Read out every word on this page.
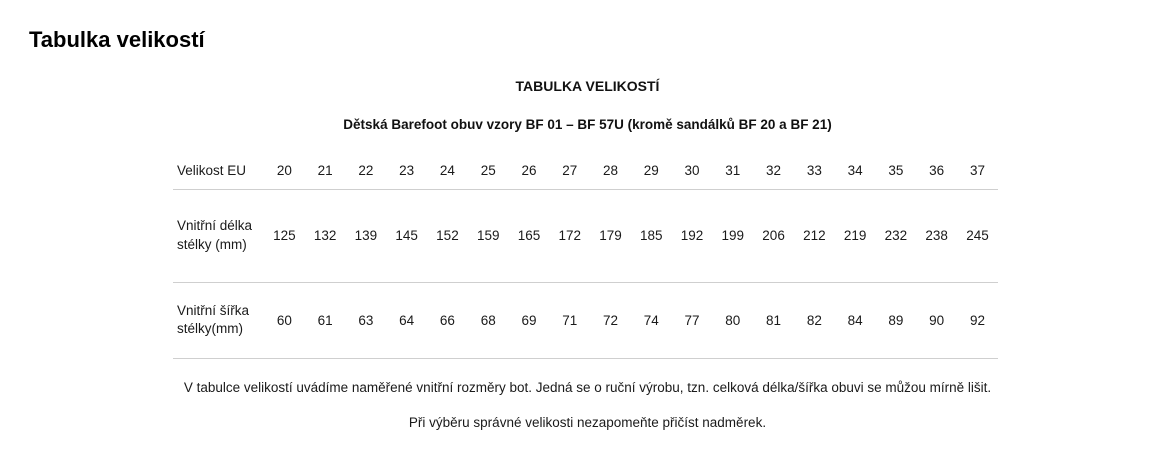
Tabulka velikostí

TABULKA VELIKOSTÍ

Dětská Barefoot obuv vzory BF 01 – BF 57U (kromě sandálků BF 20 a BF 21)

Velikost EU	20	21	22	23	24	25	26	27	28	29	30	31	32	33	34	35	36	37
Vnitřní délka stélky (mm)	125	132	139	145	152	159	165	172	179	185	192	199	206	212	219	232	238	245
Vnitřní šířka stélky(mm)	60	61	63	64	66	68	69	71	72	74	77	80	81	82	84	89	90	92

V tabulce velikostí uvádíme naměřené vnitřní rozměry bot. Jedná se o ruční výrobu, tzn. celková délka/šířka obuvi se můžou mírně lišit.

Při výběru správné velikosti nezapomeňte přičíst nadměrek.
